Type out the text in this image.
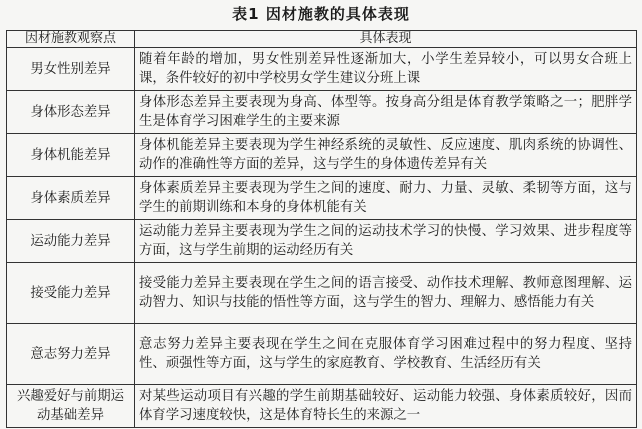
表1 因材施教的具体表现
因材施教观察点	具体表现
男女性别差异	随着年龄的增加，男女性别差异性逐渐加大，小学生差异较小，可以男女合班上课，条件较好的初中学校男女学生建议分班上课
身体形态差异	身体形态差异主要表现为身高、体型等。按身高分组是体育教学策略之一；肥胖学生是体育学习困难学生的主要来源
身体机能差异	身体机能差异主要表现为学生神经系统的灵敏性、反应速度、肌肉系统的协调性、动作的准确性等方面的差异，这与学生的身体遗传差异有关
身体素质差异	身体素质差异主要表现为学生之间的速度、耐力、力量、灵敏、柔韧等方面，这与学生的前期训练和本身的身体机能有关
运动能力差异	运动能力差异主要表现为学生之间的运动技术学习的快慢、学习效果、进步程度等方面，这与学生前期的运动经历有关
接受能力差异	接受能力差异主要表现在学生之间的语言接受、动作技术理解、教师意图理解、运动智力、知识与技能的悟性等方面，这与学生的智力、理解力、感悟能力有关
意志努力差异	意志努力差异主要表现在学生之间在克服体育学习困难过程中的努力程度、坚持性、顽强性等方面，这与学生的家庭教育、学校教育、生活经历有关
兴趣爱好与前期运动基础差异	对某些运动项目有兴趣的学生前期基础较好、运动能力较强、身体素质较好，因而体育学习速度较快，这是体育特长生的来源之一
